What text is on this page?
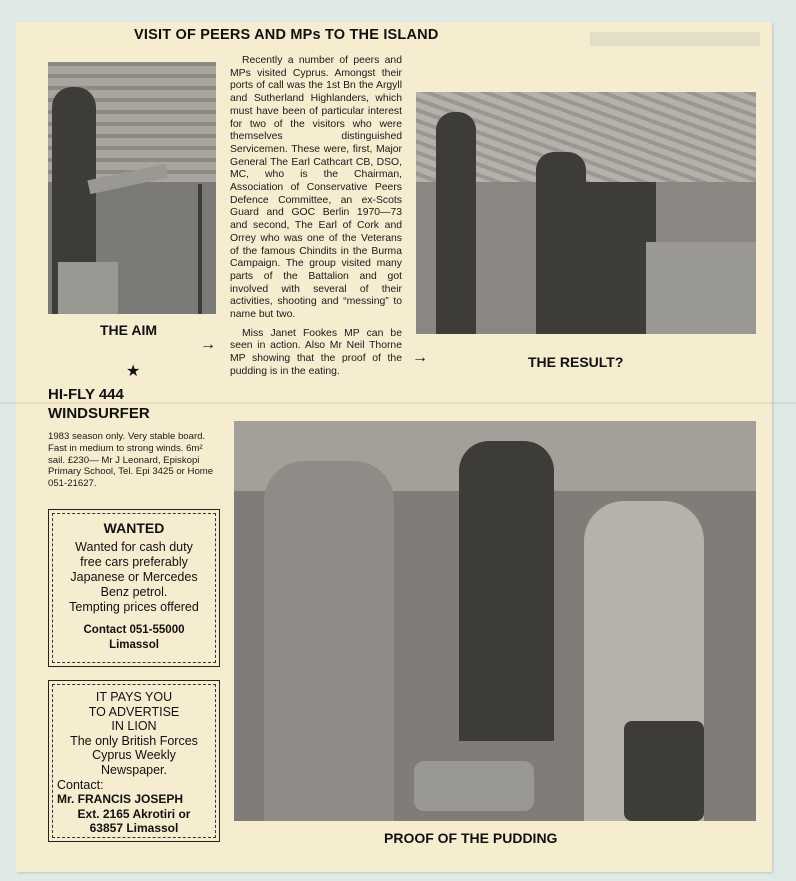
VISIT OF PEERS AND MPs TO THE ISLAND
THE AIM
→
★

Recently a number of peers and MPs visited Cyprus. Amongst their ports of call was the 1st Bn the Argyll and Sutherland Highlanders, which must have been of particular interest for two of the visitors who were themselves distinguished Servicemen. These were, first, Major General The Earl Cathcart CB, DSO, MC, who is the Chairman, Association of Conservative Peers Defence Committee, an ex-Scots Guard and GOC Berlin 1970—73 and second, The Earl of Cork and Orrey who was one of the Veterans of the famous Chindits in the Burma Campaign. The group visited many parts of the Battalion and got involved with several of their activities, shooting and “messing” to name but two.

Miss Janet Fookes MP can be seen in action. Also Mr Neil Thorne MP showing that the proof of the pudding is in the eating.

→	THE RESULT?
HI-FLY 444
WINDSURFER
1983 season only. Very stable board. Fast in medium to strong winds. 6m² sail. £230— Mr J Leonard, Episkopi Primary School, Tel. Epi 3425 or Home 051-21627.
WANTED
Wanted for cash duty
free cars preferably
Japanese or Mercedes
Benz petrol.
Tempting prices offered
Contact 051-55000
Limassol
IT PAYS YOU
TO ADVERTISE
IN LION
The only British Forces
Cyprus Weekly
Newspaper.
Contact:
Mr. FRANCIS JOSEPH
Ext. 2165 Akrotiri or
63857 Limassol
PROOF OF THE PUDDING
